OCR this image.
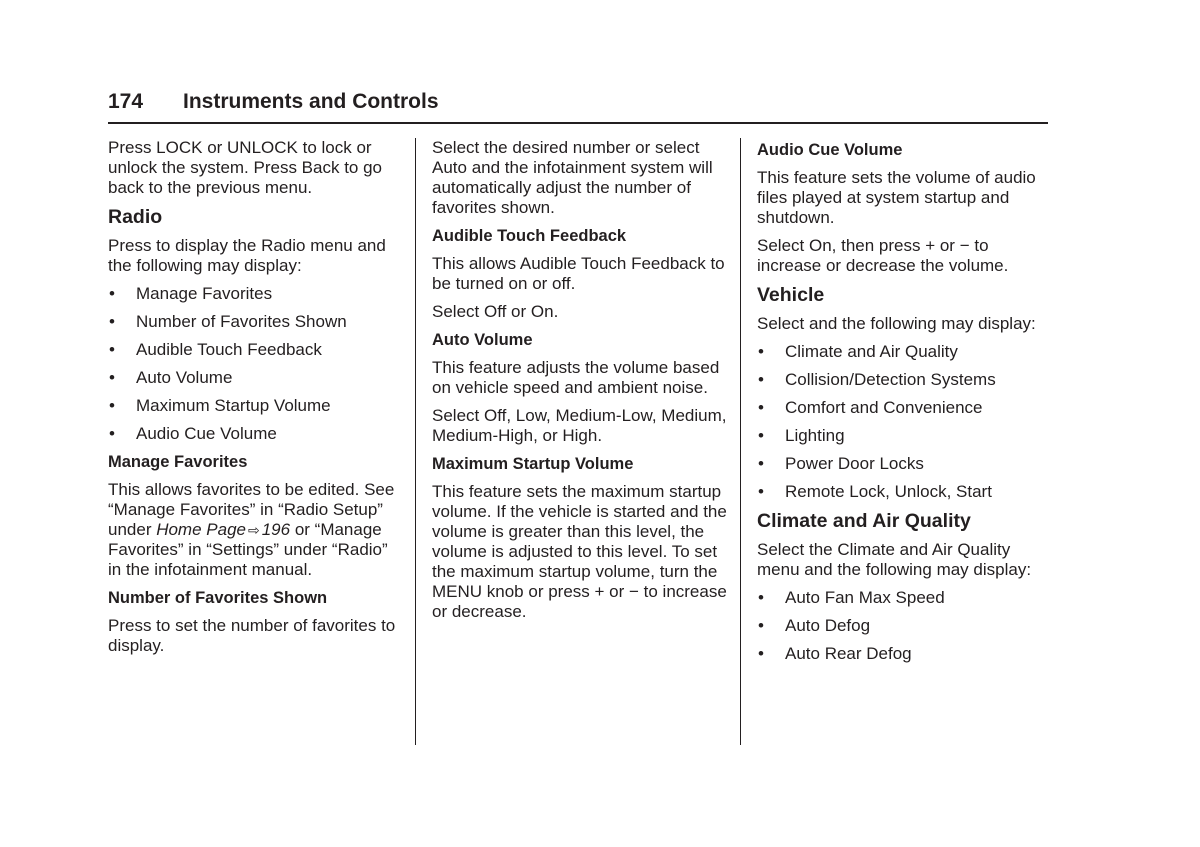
174 Instruments and Controls

Press LOCK or UNLOCK to lock or unlock the system. Press Back to go back to the previous menu.

Radio

Press to display the Radio menu and the following may display:

• Manage Favorites
• Number of Favorites Shown
• Audible Touch Feedback
• Auto Volume
• Maximum Startup Volume
• Audio Cue Volume
Manage Favorites

This allows favorites to be edited. See “Manage Favorites” in “Radio Setup” under Home Page ⇨ 196 or “Manage Favorites” in “Settings” under “Radio” in the infotainment manual.

Number of Favorites Shown

Press to set the number of favorites to display.

Select the desired number or select Auto and the infotainment system will automatically adjust the number of favorites shown.

Audible Touch Feedback

This allows Audible Touch Feedback to be turned on or off.

Select Off or On.

Auto Volume

This feature adjusts the volume based on vehicle speed and ambient noise.

Select Off, Low, Medium-Low, Medium, Medium-High, or High.

Maximum Startup Volume

This feature sets the maximum startup volume. If the vehicle is started and the volume is greater than this level, the volume is adjusted to this level. To set the maximum startup volume, turn the MENU knob or press + or − to increase or decrease.

Audio Cue Volume

This feature sets the volume of audio files played at system startup and shutdown.

Select On, then press + or − to increase or decrease the volume.

Vehicle

Select and the following may display:

• Climate and Air Quality
• Collision/Detection Systems
• Comfort and Convenience
• Lighting
• Power Door Locks
• Remote Lock, Unlock, Start
Climate and Air Quality

Select the Climate and Air Quality menu and the following may display:

• Auto Fan Max Speed
• Auto Defog
• Auto Rear Defog
